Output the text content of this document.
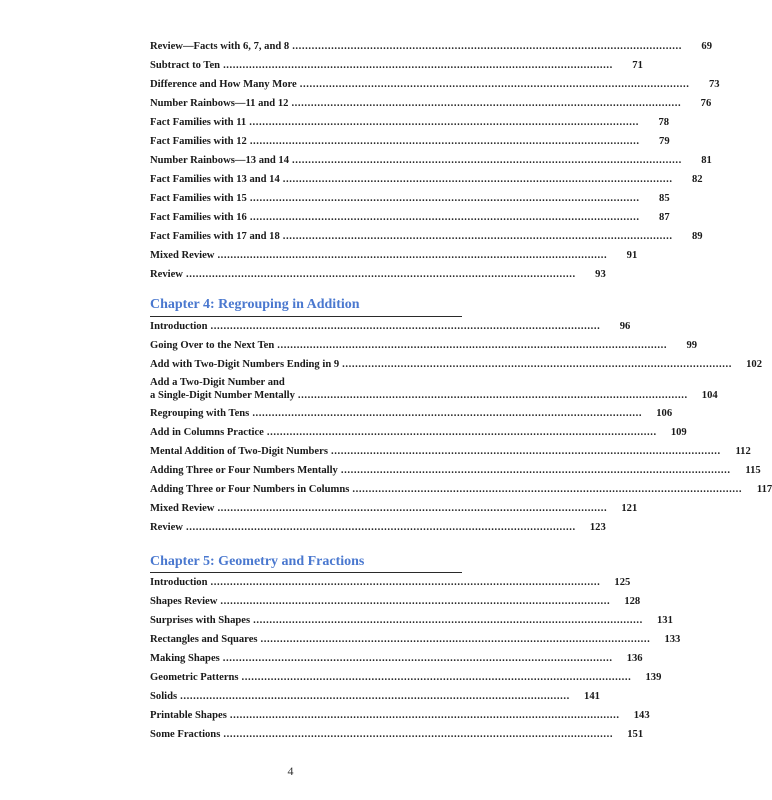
Review—Facts with 6, 7, and 8 ........................................................................................................................	69
Subtract to Ten ........................................................................................................................	71
Difference and How Many More ........................................................................................................................	73
Number Rainbows—11 and 12 ........................................................................................................................	76
Fact Families with 11 ........................................................................................................................	78
Fact Families with 12 ........................................................................................................................	79
Number Rainbows—13 and 14 ........................................................................................................................	81
Fact Families with 13 and 14 ........................................................................................................................	82
Fact Families with 15 ........................................................................................................................	85
Fact Families with 16 ........................................................................................................................	87
Fact Families with 17 and 18 ........................................................................................................................	89
Mixed Review ........................................................................................................................	91
Review ........................................................................................................................	93
Chapter 4: Regrouping in Addition
Introduction ........................................................................................................................	96
Going Over to the Next Ten ........................................................................................................................	99
Add with Two-Digit Numbers Ending in 9 ........................................................................................................................	102
Add a Two-Digit Number and
a Single-Digit Number Mentally ........................................................................................................................	104
Regrouping with Tens ........................................................................................................................	106
Add in Columns Practice ........................................................................................................................	109
Mental Addition of Two-Digit Numbers ........................................................................................................................	112
Adding Three or Four Numbers Mentally ........................................................................................................................	115
Adding Three or Four Numbers in Columns ........................................................................................................................	117
Mixed Review ........................................................................................................................	121
Review ........................................................................................................................	123
Chapter 5: Geometry and Fractions
Introduction ........................................................................................................................	125
Shapes Review ........................................................................................................................	128
Surprises with Shapes ........................................................................................................................	131
Rectangles and Squares ........................................................................................................................	133
Making Shapes ........................................................................................................................	136
Geometric Patterns ........................................................................................................................	139
Solids ........................................................................................................................	141
Printable Shapes ........................................................................................................................	143
Some Fractions ........................................................................................................................	151
4
